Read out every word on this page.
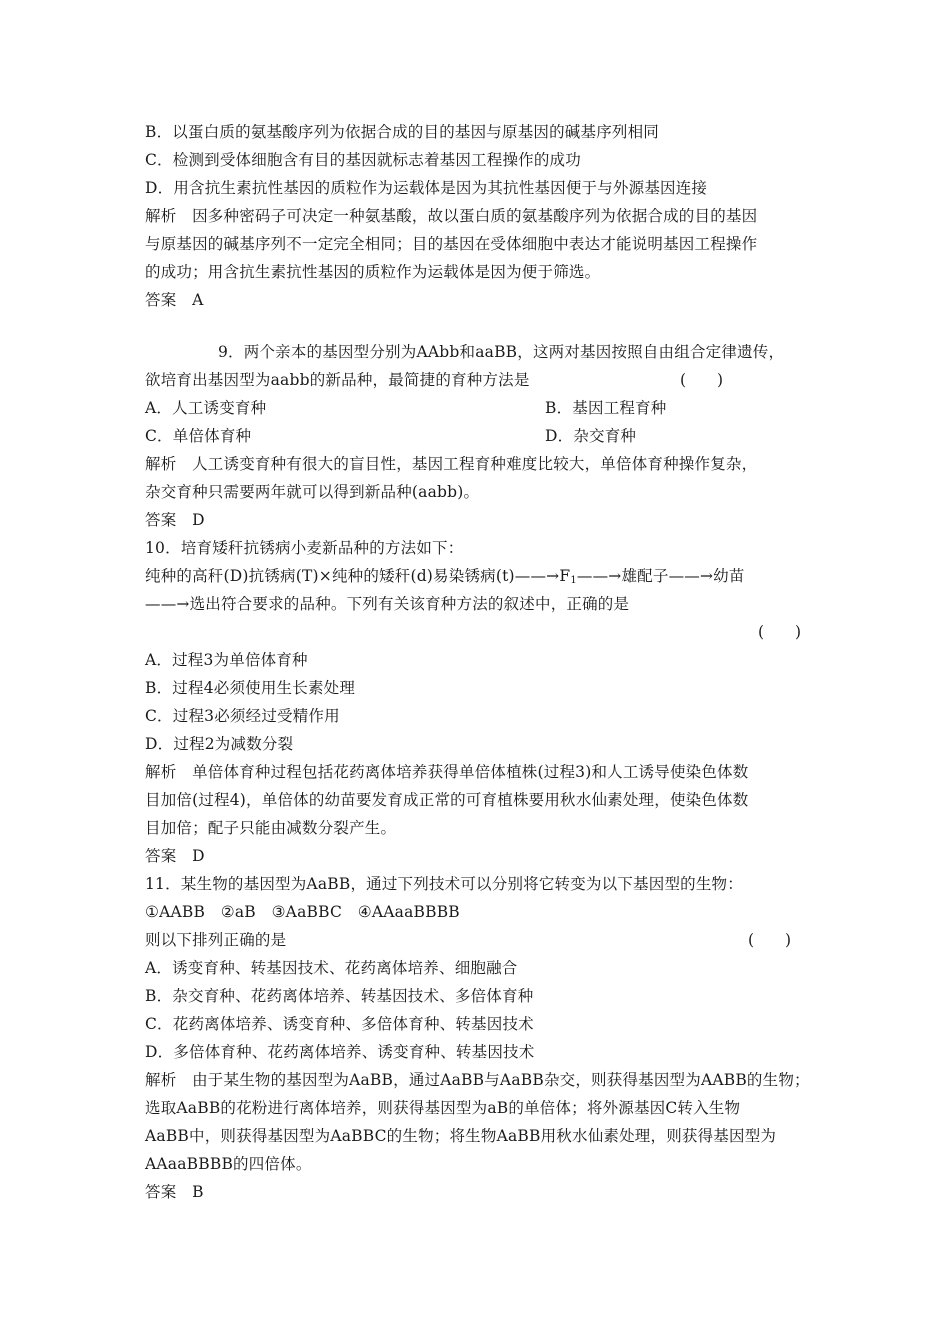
B．以蛋白质的氨基酸序列为依据合成的目的基因与原基因的碱基序列相同
C．检测到受体细胞含有目的基因就标志着基因工程操作的成功
D．用含抗生素抗性基因的质粒作为运载体是因为其抗性基因便于与外源基因连接
解析　因多种密码子可决定一种氨基酸，故以蛋白质的氨基酸序列为依据合成的目的基因
与原基因的碱基序列不一定完全相同；目的基因在受体细胞中表达才能说明基因工程操作
的成功；用含抗生素抗性基因的质粒作为运载体是因为便于筛选。
答案　A
9．两个亲本的基因型分别为AAbb和aaBB，这两对基因按照自由组合定律遗传，
欲培育出基因型为aabb的新品种，最简捷的育种方法是	(　　)
A．人工诱变育种	B．基因工程育种
C．单倍体育种	D．杂交育种
解析　人工诱变育种有很大的盲目性，基因工程育种难度比较大，单倍体育种操作复杂，
杂交育种只需要两年就可以得到新品种(aabb)。
答案　D
10．培育矮秆抗锈病小麦新品种的方法如下：
纯种的高秆(D)抗锈病(T)×纯种的矮秆(d)易染锈病$(t)——\to F_1——\to$雄配子——→幼苗
——→选出符合要求的品种。下列有关该育种方法的叙述中，正确的是
(　　)
A．过程3为单倍体育种
B．过程4必须使用生长素处理
C．过程3必须经过受精作用
D．过程2为减数分裂
解析　单倍体育种过程包括花药离体培养获得单倍体植株(过程3)和人工诱导使染色体数
目加倍(过程4)，单倍体的幼苗要发育成正常的可育植株要用秋水仙素处理，使染色体数
目加倍；配子只能由减数分裂产生。
答案　D
11．某生物的基因型为AaBB，通过下列技术可以分别将它转变为以下基因型的生物：
①AABB　②aB　③AaBBC　④AAaaBBBB
则以下排列正确的是	(　　)
A．诱变育种、转基因技术、花药离体培养、细胞融合
B．杂交育种、花药离体培养、转基因技术、多倍体育种
C．花药离体培养、诱变育种、多倍体育种、转基因技术
D．多倍体育种、花药离体培养、诱变育种、转基因技术
解析　由于某生物的基因型为AaBB，通过AaBB与AaBB杂交，则获得基因型为AABB的生物；
选取AaBB的花粉进行离体培养，则获得基因型为aB的单倍体；将外源基因C转入生物
AaBB中，则获得基因型为AaBBC的生物；将生物AaBB用秋水仙素处理，则获得基因型为
AAaaBBBB的四倍体。
答案　B
